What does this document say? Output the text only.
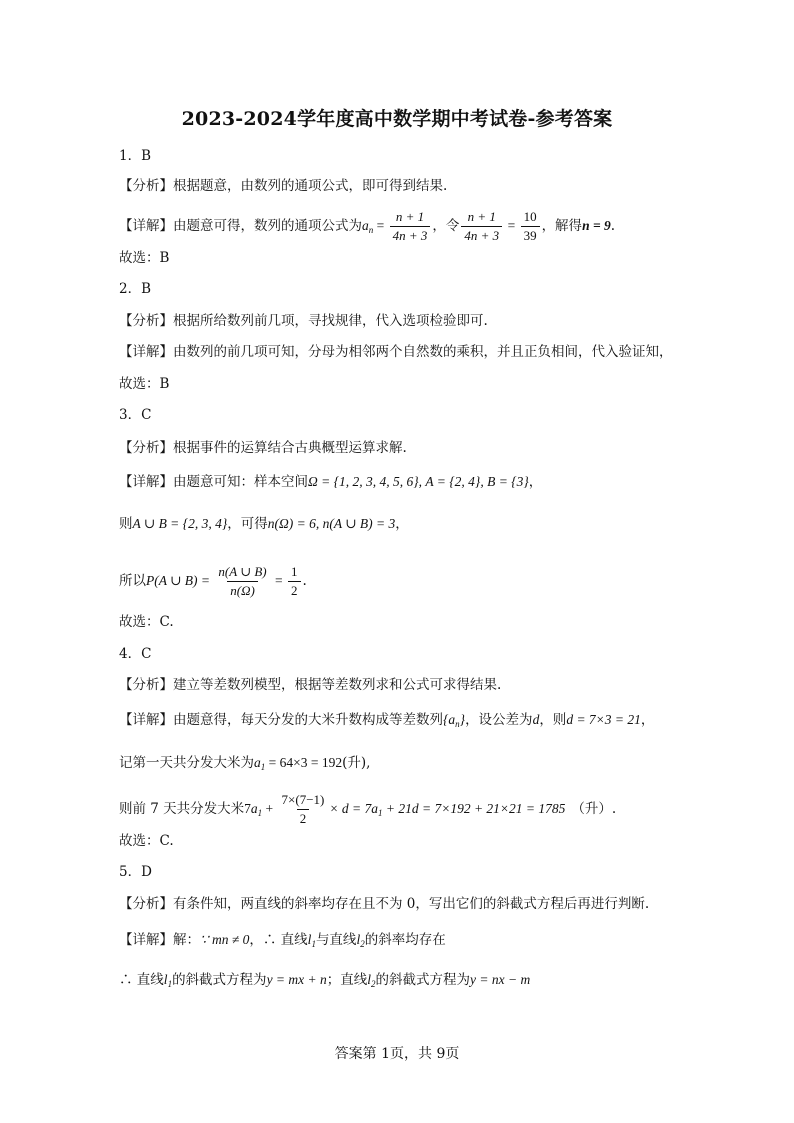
2023-2024学年度高中数学期中考试卷-参考答案
1．B
【分析】根据题意，由数列的通项公式，即可得到结果.
【详解】由题意可得，数列的通项公式为$a_n = \frac{n + 1}{4n + 3}$ ，令 $\frac{n + 1}{4n + 3} = \frac{10}{39}$ ，解得n = 9.
故选：B
2．B
【分析】根据所给数列前几项，寻找规律，代入选项检验即可.
【详解】由数列的前几项可知，分母为相邻两个自然数的乘积，并且正负相间，代入验证知，
故选：B
3．C
【分析】根据事件的运算结合古典概型运算求解.
【详解】由题意可知：样本空间Ω = {1, 2, 3, 4, 5, 6}, A = {2, 4}, B = {3}，
则A ∪ B = {2, 3, 4}，可得n(Ω) = 6, n(A ∪ B) = 3，
所以P(A ∪ $B) = \frac{n(A \cup B)}{n(\Omega)} = \frac{1}{2}$ .
故选：C.
4．C
【分析】建立等差数列模型，根据等差数列求和公式可求得结果.
【详解】由题意得，每天分发的大米升数构成等差数列$\{a_n\}$，设公差为d，则d = 7×3 = 21，
记第一天共分发大米为$a_1 = 64\times 3 = 192$(升),
则前 7 天共分发大米$7a_1 + \frac{7\times(7-1)}{2} \times d = 7a_1 + 21d = 7\times 192 + 21\times 21 = 1785$ （升）.
故选：C.
5．D
【分析】有条件知，两直线的斜率均存在且不为 0，写出它们的斜截式方程后再进行判断.
【详解】解：∵ mn ≠ 0，∴ 直线$l_1$与直线$l_2$的斜率均存在
∴ 直线$l_1$的斜截式方程为y = mx + n；直线$l_2$的斜截式方程为y = nx − m
答案第 1页，共 9页
